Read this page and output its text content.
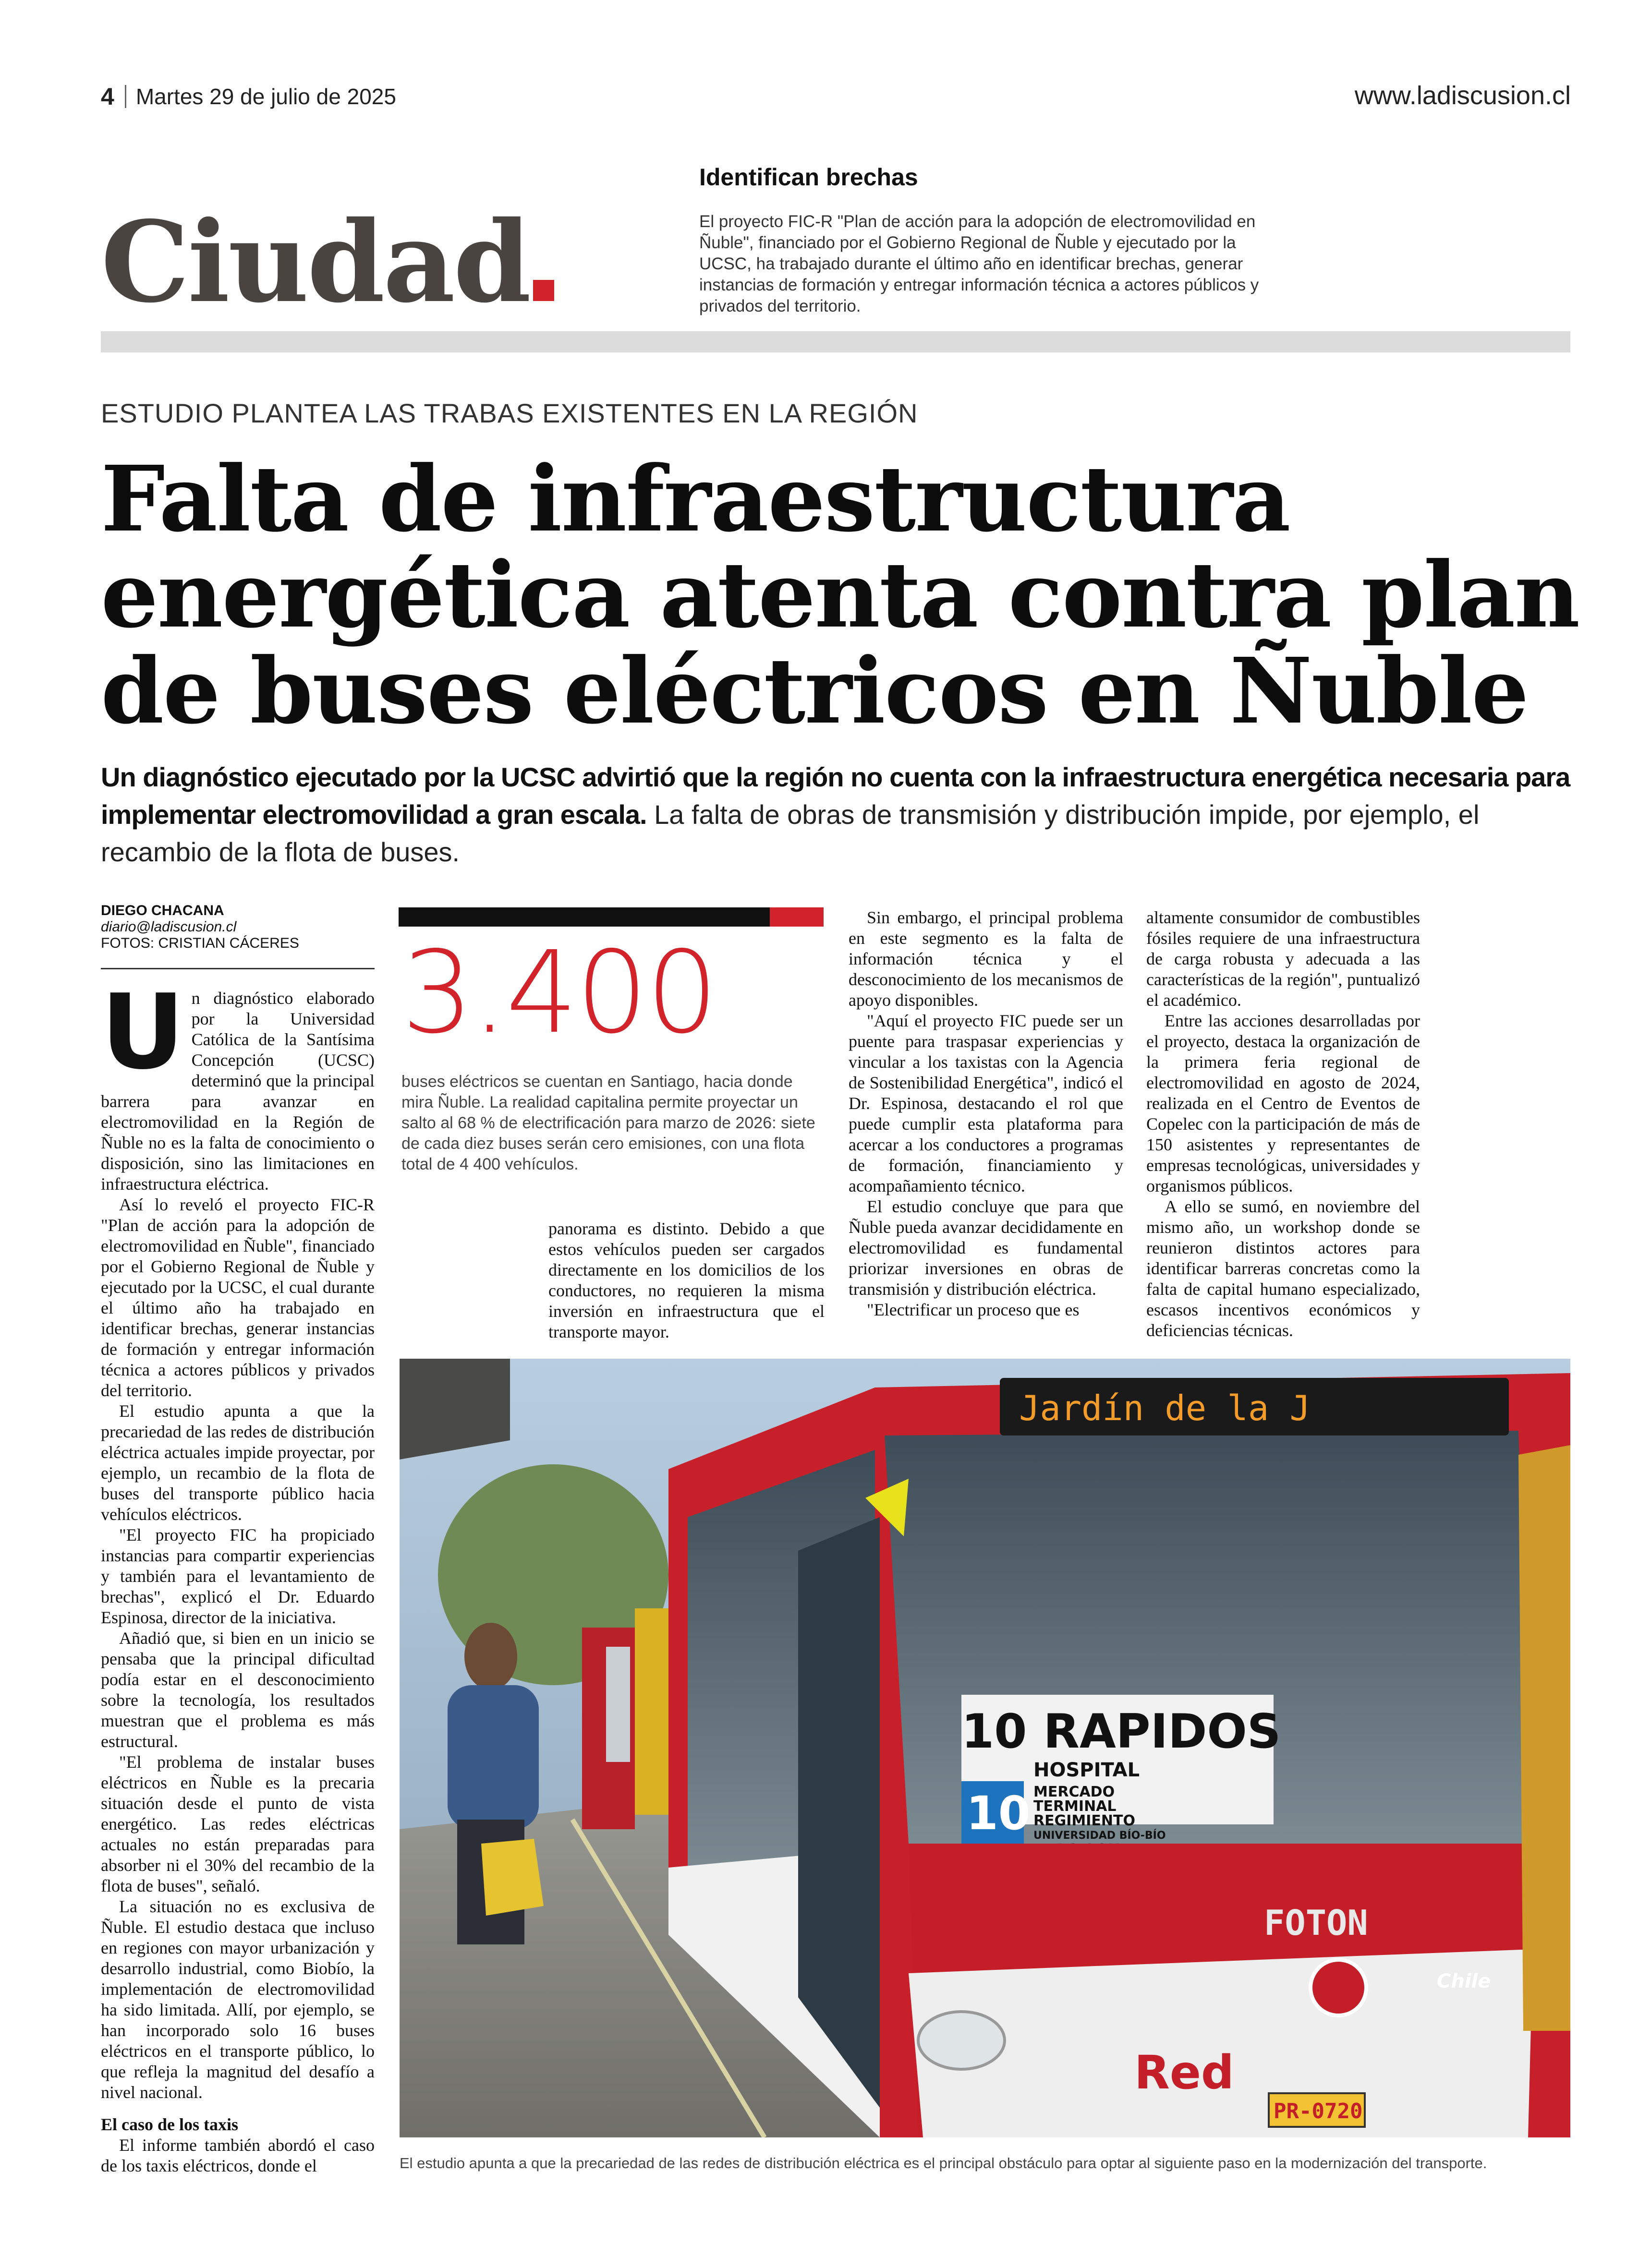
4 Martes 29 de julio de 2025	www.ladiscusion.cl
Ciudad
Identifican brechas
El proyecto FIC-R "Plan de acción para la adopción de electromovilidad en Ñuble", financiado por el Gobierno Regional de Ñuble y ejecutado por la UCSC, ha trabajado durante el último año en identificar brechas, generar instancias de formación y entregar información técnica a actores públicos y privados del territorio.
ESTUDIO PLANTEA LAS TRABAS EXISTENTES EN LA REGIÓN
Falta de infraestructura energética atenta contra plan de buses eléctricos en Ñuble
Un diagnóstico ejecutado por la UCSC advirtió que la región no cuenta con la infraestructura energética necesaria para implementar electromovilidad a gran escala. La falta de obras de transmisión y distribución impide, por ejemplo, el recambio de la flota de buses.
DIEGO CHACANA
diario@ladiscusion.cl
FOTOS: CRISTIAN CÁCERES
U n diagnóstico elaborado por la Universidad Católica de la Santísima Concepción (UCSC) determinó que la principal barrera para avanzar en electromovilidad en la Región de Ñuble no es la falta de conocimiento o disposición, sino las limitaciones en infraestructura eléctrica.

Así lo reveló el proyecto FIC-R "Plan de acción para la adopción de electromovilidad en Ñuble", financiado por el Gobierno Regional de Ñuble y ejecutado por la UCSC, el cual durante el último año ha trabajado en identificar brechas, generar instancias de formación y entregar información técnica a actores públicos y privados del territorio.

El estudio apunta a que la precariedad de las redes de distribución eléctrica actuales impide proyectar, por ejemplo, un recambio de la flota de buses del transporte público hacia vehículos eléctricos.

"El proyecto FIC ha propiciado instancias para compartir experiencias y también para el levantamiento de brechas", explicó el Dr. Eduardo Espinosa, director de la iniciativa.

Añadió que, si bien en un inicio se pensaba que la principal dificultad podía estar en el desconocimiento sobre la tecnología, los resultados muestran que el problema es más estructural.

"El problema de instalar buses eléctricos en Ñuble es la precaria situación desde el punto de vista energético. Las redes eléctricas actuales no están preparadas para absorber ni el 30% del recambio de la flota de buses", señaló.

La situación no es exclusiva de Ñuble. El estudio destaca que incluso en regiones con mayor urbanización y desarrollo industrial, como Biobío, la implementación de electromovilidad ha sido limitada. Allí, por ejemplo, se han incorporado solo 16 buses eléctricos en el transporte público, lo que refleja la magnitud del desafío a nivel nacional.

El caso de los taxis

El informe también abordó el caso de los taxis eléctricos, donde el

3.400
buses eléctricos se cuentan en Santiago, hacia donde mira Ñuble. La realidad capitalina permite proyectar un salto al 68 % de electrificación para marzo de 2026: siete de cada diez buses serán cero emisiones, con una flota total de 4 400 vehículos.

panorama es distinto. Debido a que estos vehículos pueden ser cargados directamente en los domicilios de los conductores, no requieren la misma inversión en infraestructura que el transporte mayor.

Sin embargo, el principal problema en este segmento es la falta de información técnica y el desconocimiento de los mecanismos de apoyo disponibles.

"Aquí el proyecto FIC puede ser un puente para traspasar experiencias y vincular a los taxistas con la Agencia de Sostenibilidad Energética", indicó el Dr. Espinosa, destacando el rol que puede cumplir esta plataforma para acercar a los conductores a programas de formación, financiamiento y acompañamiento técnico.

El estudio concluye que para que Ñuble pueda avanzar decididamente en electromovilidad es fundamental priorizar inversiones en obras de transmisión y distribución eléctrica.

"Electrificar un proceso que es

altamente consumidor de combustibles fósiles requiere de una infraestructura de carga robusta y adecuada a las características de la región", puntualizó el académico.

Entre las acciones desarrolladas por el proyecto, destaca la organización de la primera feria regional de electromovilidad en agosto de 2024, realizada en el Centro de Eventos de Copelec con la participación de más de 150 asistentes y representantes de empresas tecnológicas, universidades y organismos públicos.

A ello se sumó, en noviembre del mismo año, un workshop donde se reunieron distintos actores para identificar barreras concretas como la falta de capital humano especializado, escasos incentivos económicos y deficiencias técnicas.

Jardín de la J
10
10 RAPIDOS
HOSPITAL
MERCADO
TERMINAL
REGIMIENTO
UNIVERSIDAD BÍO-BÍO
FOTON
Chile
Red
PR-0720
El estudio apunta a que la precariedad de las redes de distribución eléctrica es el principal obstáculo para optar al siguiente paso en la modernización del transporte.
